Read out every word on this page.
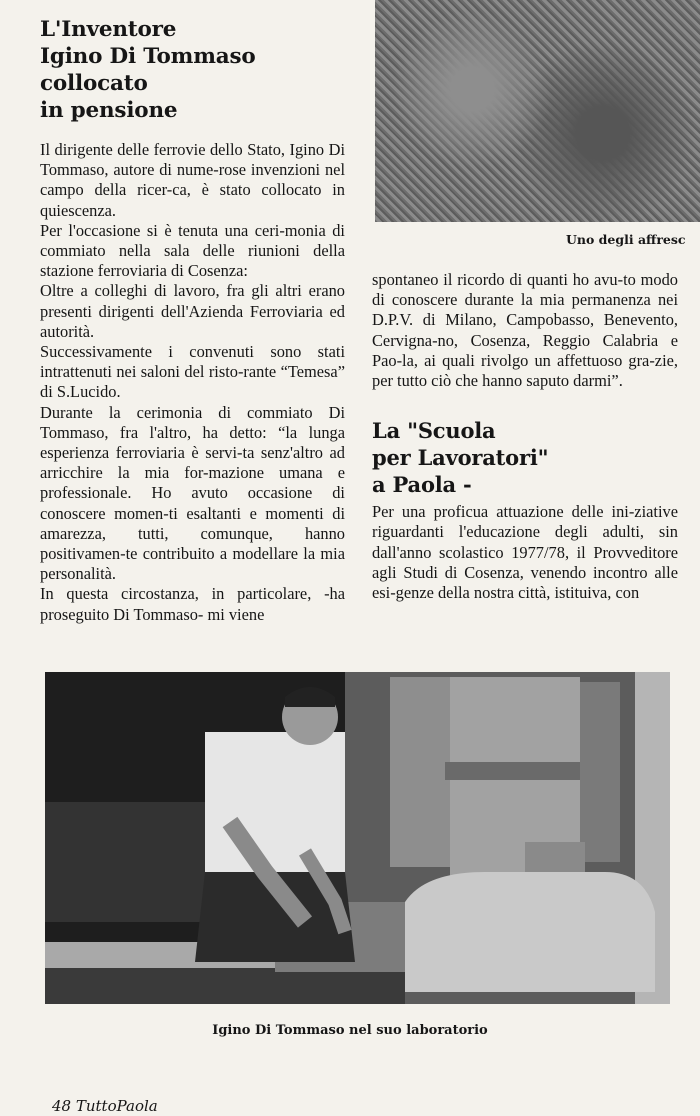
Uno degli affresc
L'Inventore
Igino Di Tommaso
collocato
in pensione

Il dirigente delle ferrovie dello Stato, Igino Di Tommaso, autore di nume-rose invenzioni nel campo della ricer-ca, è stato collocato in quiescenza.

Per l'occasione si è tenuta una ceri-monia di commiato nella sala delle riunioni della stazione ferroviaria di Cosenza:

Oltre a colleghi di lavoro, fra gli altri erano presenti dirigenti dell'Azienda Ferroviaria ed autorità.

Successivamente i convenuti sono stati intrattenuti nei saloni del risto-rante “Temesa” di S.Lucido.

Durante la cerimonia di commiato Di Tommaso, fra l'altro, ha detto: “la lunga esperienza ferroviaria è servi-ta senz'altro ad arricchire la mia for-mazione umana e professionale. Ho avuto occasione di conoscere momen-ti esaltanti e momenti di amarezza, tutti, comunque, hanno positivamen-te contribuito a modellare la mia personalità.

In questa circostanza, in particolare, -ha proseguito Di Tommaso- mi viene

spontaneo il ricordo di quanti ho avu-to modo di conoscere durante la mia permanenza nei D.P.V. di Milano, Campobasso, Benevento, Cervigna-no, Cosenza, Reggio Calabria e Pao-la, ai quali rivolgo un affettuoso gra-zie, per tutto ciò che hanno saputo darmi”.

La "Scuola
per Lavoratori"
a Paola -

Per una proficua attuazione delle ini-ziative riguardanti l'educazione degli adulti, sin dall'anno scolastico 1977/78, il Provveditore agli Studi di Cosenza, venendo incontro alle esi-genze della nostra città, istituiva, con

Igino Di Tommaso nel suo laboratorio
48 TuttoPaola
